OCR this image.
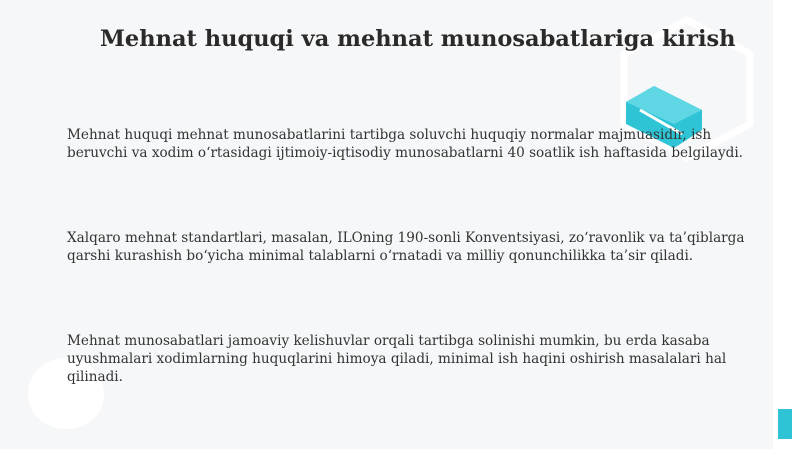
Mehnat huquqi va mehnat munosabatlariga kirish
Mehnat huquqi mehnat munosabatlarini tartibga soluvchi huquqiy normalar majmuasidir, ish beruvchi va xodim o‘rtasidagi ijtimoiy-iqtisodiy munosabatlarni 40 soatlik ish haftasida belgilaydi.
Xalqaro mehnat standartlari, masalan, ILOning 190-sonli Konventsiyasi, zo‘ravonlik va ta’qiblarga qarshi kurashish bo‘yicha minimal talablarni o‘rnatadi va milliy qonunchilikka ta’sir qiladi.
Mehnat munosabatlari jamoaviy kelishuvlar orqali tartibga solinishi mumkin, bu erda kasaba uyushmalari xodimlarning huquqlarini himoya qiladi, minimal ish haqini oshirish masalalari hal qilinadi.
